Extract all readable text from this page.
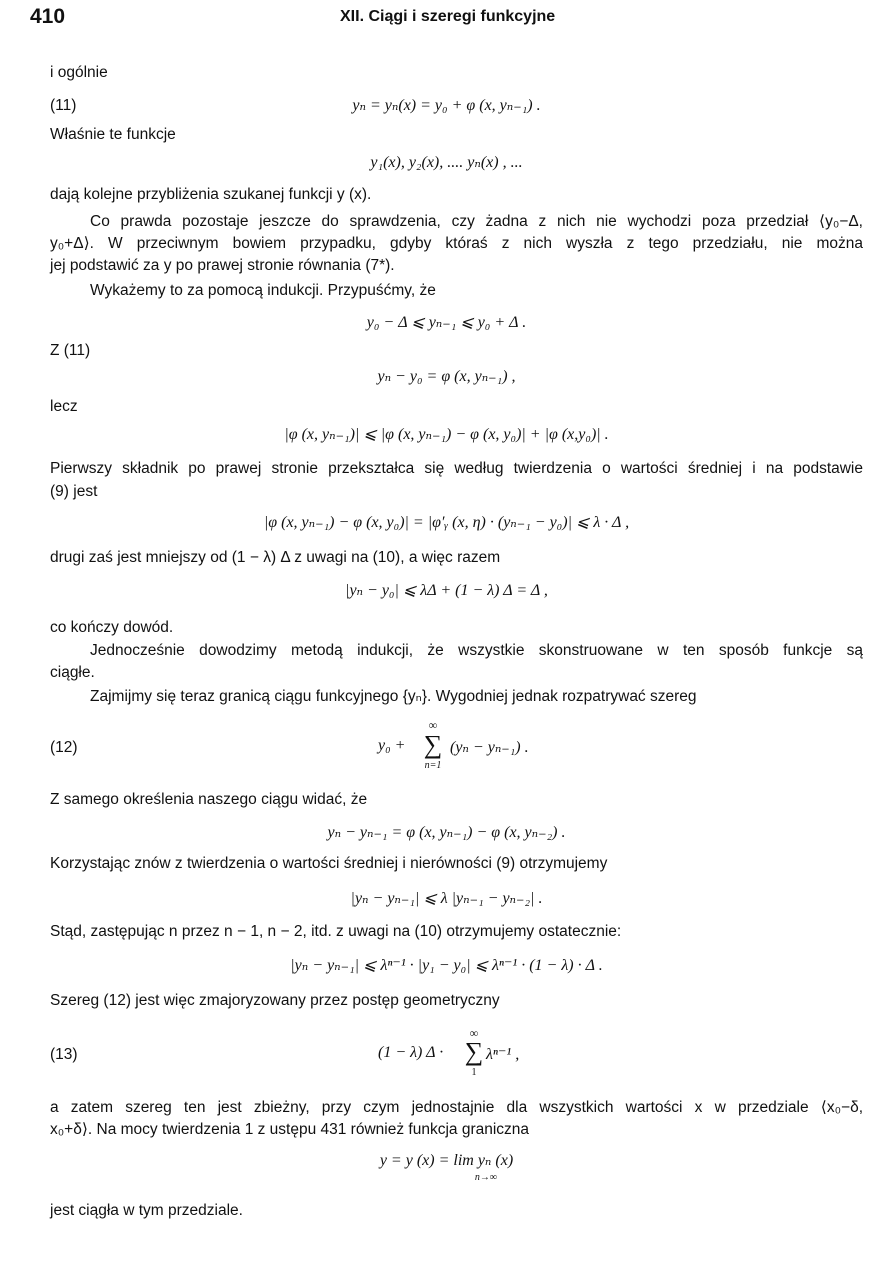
410	XII. Ciągi i szeregi funkcyjne
i ogólnie
(11)	yₙ = yₙ(x) = y₀ + φ (x, yₙ₋₁) .
Właśnie te funkcje
y₁(x), y₂(x), .... yₙ(x) , ...
dają kolejne przybliżenia szukanej funkcji y (x).
Co prawda pozostaje jeszcze do sprawdzenia, czy żadna z nich nie wychodzi poza przedział ⟨y₀−Δ,
y₀+Δ⟩. W przeciwnym bowiem przypadku, gdyby któraś z nich wyszła z tego przedziału, nie można
jej podstawić za y po prawej stronie równania (7*).
Wykażemy to za pomocą indukcji. Przypuśćmy, że
y₀ − Δ ⩽ yₙ₋₁ ⩽ y₀ + Δ .
Z (11)
yₙ − y₀ = φ (x, yₙ₋₁) ,
lecz
|φ (x, yₙ₋₁)| ⩽ |φ (x, yₙ₋₁) − φ (x, y₀)| + |φ (x,y₀)| .
Pierwszy składnik po prawej stronie przekształca się według twierdzenia o wartości średniej i na podstawie
(9) jest
|φ (x, yₙ₋₁) − φ (x, y₀)| = |φ′ᵧ (x, η) · (yₙ₋₁ − y₀)| ⩽ λ · Δ ,
drugi zaś jest mniejszy od (1 − λ) Δ z uwagi na (10), a więc razem
|yₙ − y₀| ⩽ λΔ + (1 − λ) Δ = Δ ,
co kończy dowód.
Jednocześnie dowodzimy metodą indukcji, że wszystkie skonstruowane w ten sposób funkcje są
ciągłe.
Zajmijmy się teraz granicą ciągu funkcyjnego {yₙ}. Wygodniej jednak rozpatrywać szereg
(12)	y₀ +
∞
∑
n=1
(yₙ − yₙ₋₁) .
Z samego określenia naszego ciągu widać, że
yₙ − yₙ₋₁ = φ (x, yₙ₋₁) − φ (x, yₙ₋₂) .
Korzystając znów z twierdzenia o wartości średniej i nierówności (9) otrzymujemy
|yₙ − yₙ₋₁| ⩽ λ |yₙ₋₁ − yₙ₋₂| .
Stąd, zastępując n przez n − 1, n − 2, itd. z uwagi na (10) otrzymujemy ostatecznie:
|yₙ − yₙ₋₁| ⩽ λⁿ⁻¹ · |y₁ − y₀| ⩽ λⁿ⁻¹ · (1 − λ) · Δ .
Szereg (12) jest więc zmajoryzowany przez postęp geometryczny
(13)	(1 − λ) Δ ·
∞
∑
1
λⁿ⁻¹ ,
a zatem szereg ten jest zbieżny, przy czym jednostajnie dla wszystkich wartości x w przedziale ⟨x₀−δ,
x₀+δ⟩. Na mocy twierdzenia 1 z ustępu 431 również funkcja graniczna
y = y (x) = lim yₙ (x)
n→∞
jest ciągła w tym przedziale.
